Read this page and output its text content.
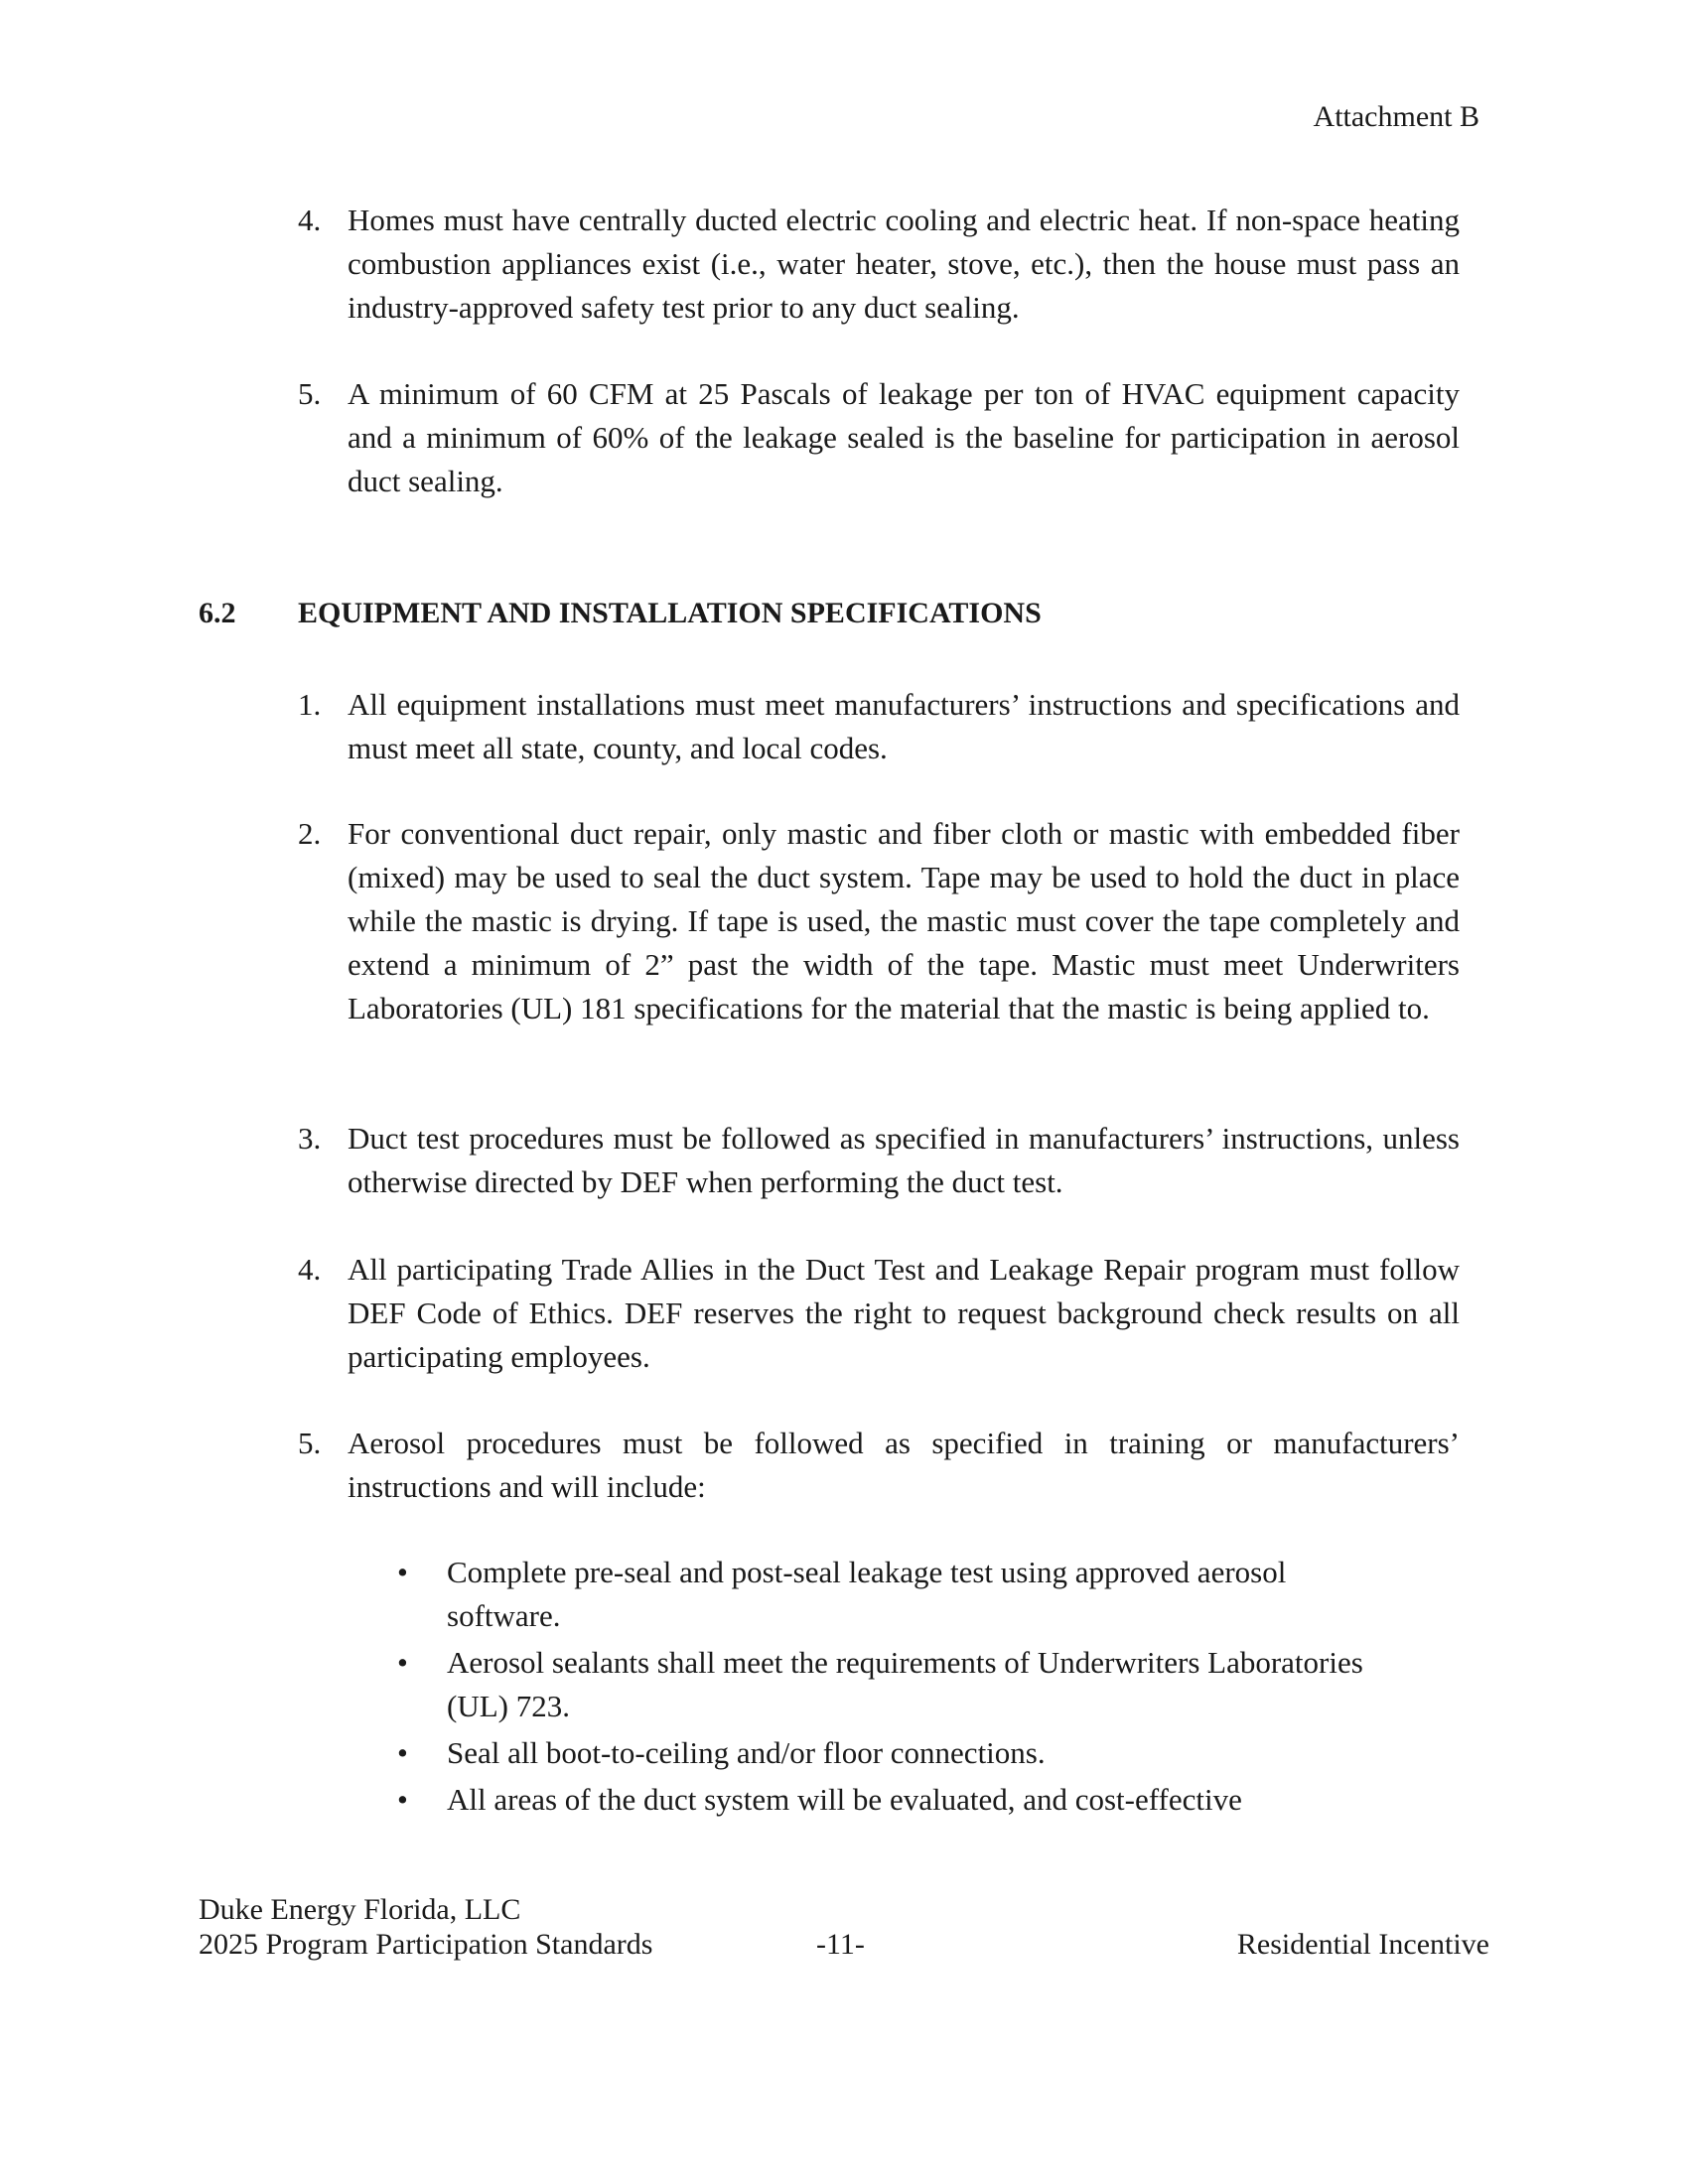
Attachment B
4. Homes must have centrally ducted electric cooling and electric heat. If non-space heating combustion appliances exist (i.e., water heater, stove, etc.), then the house must pass an industry-approved safety test prior to any duct sealing.
5. A minimum of 60 CFM at 25 Pascals of leakage per ton of HVAC equipment capacity and a minimum of 60% of the leakage sealed is the baseline for participation in aerosol duct sealing.
6.2 EQUIPMENT AND INSTALLATION SPECIFICATIONS
1. All equipment installations must meet manufacturers’ instructions and specifications and must meet all state, county, and local codes.
2. For conventional duct repair, only mastic and fiber cloth or mastic with embedded fiber (mixed) may be used to seal the duct system. Tape may be used to hold the duct in place while the mastic is drying. If tape is used, the mastic must cover the tape completely and extend a minimum of 2” past the width of the tape. Mastic must meet Underwriters Laboratories (UL) 181 specifications for the material that the mastic is being applied to.
3. Duct test procedures must be followed as specified in manufacturers’ instructions, unless otherwise directed by DEF when performing the duct test.
4. All participating Trade Allies in the Duct Test and Leakage Repair program must follow DEF Code of Ethics. DEF reserves the right to request background check results on all participating employees.
5. Aerosol procedures must be followed as specified in training or manufacturers’ instructions and will include:
• Complete pre-seal and post-seal leakage test using approved aerosol software.
• Aerosol sealants shall meet the requirements of Underwriters Laboratories (UL) 723.
• Seal all boot-to-ceiling and/or floor connections.
• All areas of the duct system will be evaluated, and cost-effective
Duke Energy Florida, LLC
2025 Program Participation Standards	-11-	Residential Incentive
